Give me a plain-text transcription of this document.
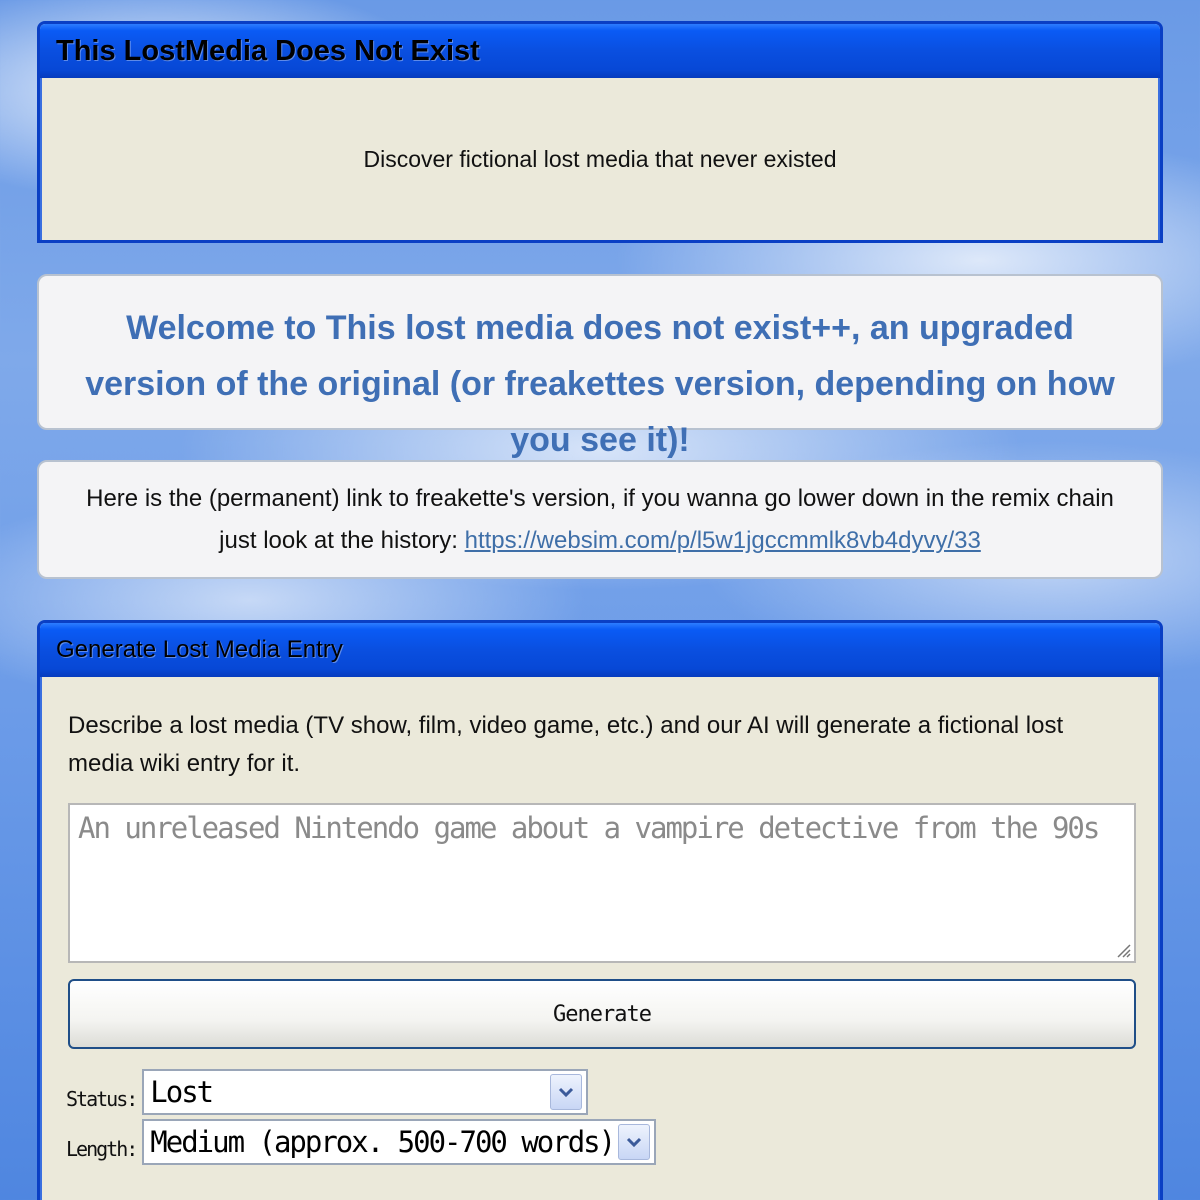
This LostMedia Does Not Exist
Discover fictional lost media that never existed
Welcome to This lost media does not exist++, an upgraded version of the original (or freakettes version, depending on how you see it)!
Here is the (permanent) link to freakette's version, if you wanna go lower down in the remix chain just look at the history: https://websim.com/p/l5w1jgccmmlk8vb4dyvy/33
Generate Lost Media Entry

Describe a lost media (TV show, film, video game, etc.) and our AI will generate a fictional lost media wiki entry for it.

An unreleased Nintendo game about a vampire detective from the 90s
Generate
Status: Lost
Length: Medium (approx. 500-700 words)
